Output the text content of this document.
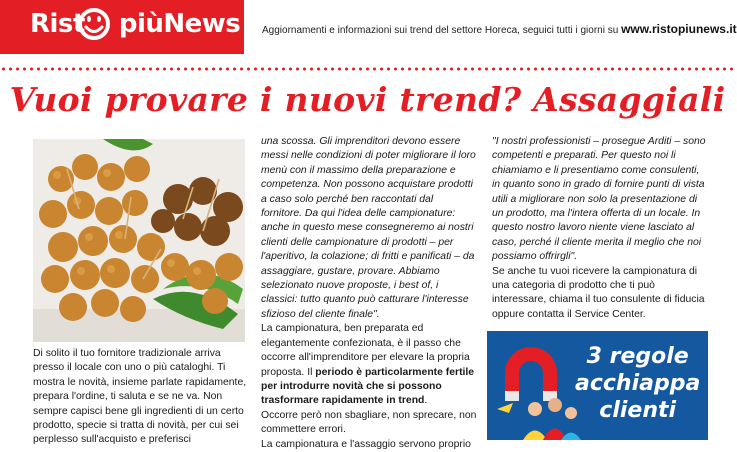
Rist piùNews Aggiornamenti e informazioni sui trend del settore Horeca, seguici tutti i giorni su www.ristopiunews.it
Vuoi provare i nuovi trend? Assaggiali

Di solito il tuo fornitore tradizionale arriva presso il locale con uno o più cataloghi. Ti mostra le novità, insieme parlate rapidamente, prepara l'ordine, ti saluta e se ne va. Non sempre capisci bene gli ingredienti di un certo prodotto, specie si tratta di novità, per cui sei perplesso sull'acquisto e preferisci

una scossa. Gli imprenditori devono essere messi nelle condizioni di poter migliorare il loro menù con il massimo della preparazione e competenza. Non possono acquistare prodotti a caso solo perché ben raccontati dal fornitore. Da qui l'idea delle campionature: anche in questo mese consegneremo ai nostri clienti delle campionature di prodotti – per l'aperitivo, la colazione; di fritti e panificati – da assaggiare, gustare, provare. Abbiamo selezionato nuove proposte, i best of, i classici: tutto quanto può catturare l'interesse sfizioso del cliente finale".

La campionatura, ben preparata ed elegantemente confezionata, è il passo che occorre all'imprenditore per elevare la propria proposta. Il periodo è particolarmente fertile per introdurre novità che si possono trasformare rapidamente in trend.

Occorre però non sbagliare, non sprecare, non commettere errori.

La campionatura e l'assaggio servono proprio

"I nostri professionisti – prosegue Arditi – sono competenti e preparati. Per questo noi li chiamiamo e li presentiamo come consulenti, in quanto sono in grado di fornire punti di vista utili a migliorare non solo la presentazione di un prodotto, ma l'intera offerta di un locale. In questo nostro lavoro niente viene lasciato al caso, perché il cliente merita il meglio che noi possiamo offrirgli".

Se anche tu vuoi ricevere la campionatura di una categoria di prodotto che ti può interessare, chiama il tuo consulente di fiducia oppure contatta il Service Center.

3 regole
acchiappa
clienti
